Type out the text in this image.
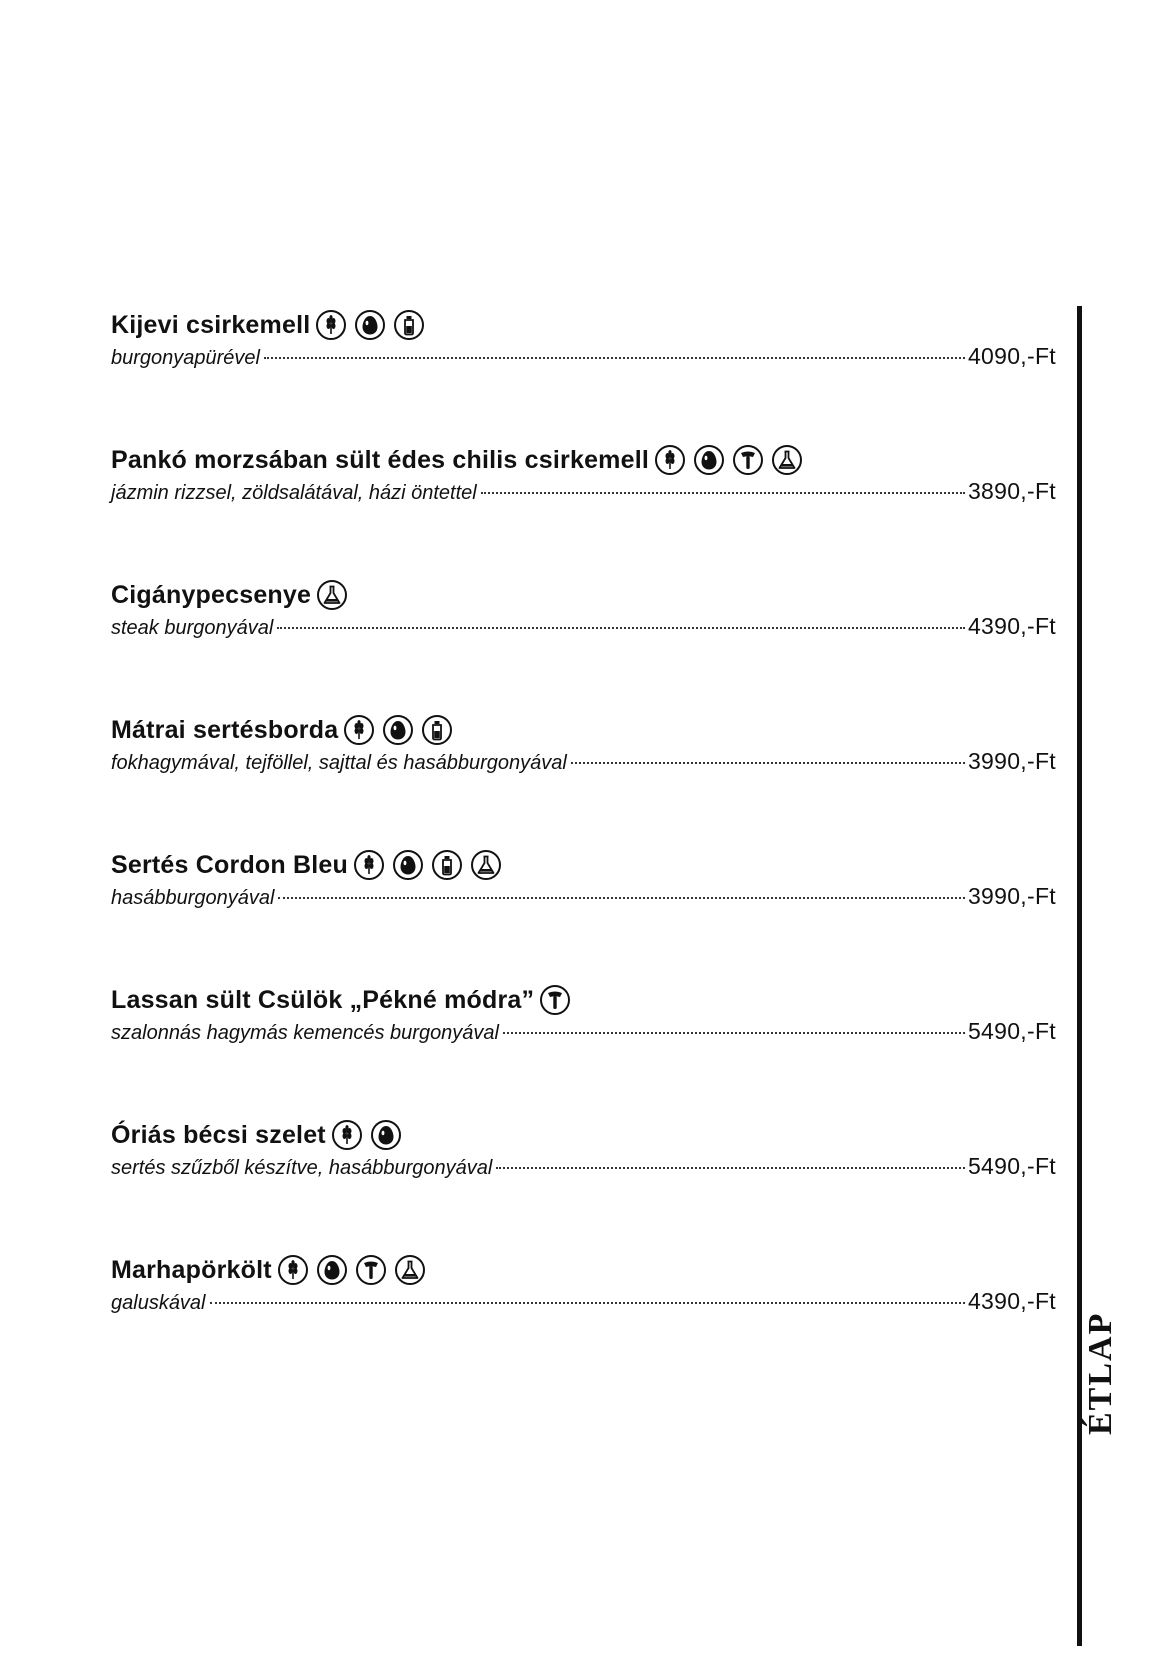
Kijevi csirkemell
burgonyapürével	4090,-Ft
Pankó morzsában sült édes chilis csirkemell
jázmin rizzsel, zöldsalátával, házi öntettel	3890,-Ft
Cigánypecsenye
steak burgonyával	4390,-Ft
Mátrai sertésborda
fokhagymával, tejföllel, sajttal és hasábburgonyával	3990,-Ft
Sertés Cordon Bleu
hasábburgonyával	3990,-Ft
Lassan sült Csülök „Pékné módra”
szalonnás hagymás kemencés burgonyával	5490,-Ft
Óriás bécsi szelet
sertés szűzből készítve, hasábburgonyával	5490,-Ft
Marhapörkölt
galuskával	4390,-Ft
ÉTLAP
